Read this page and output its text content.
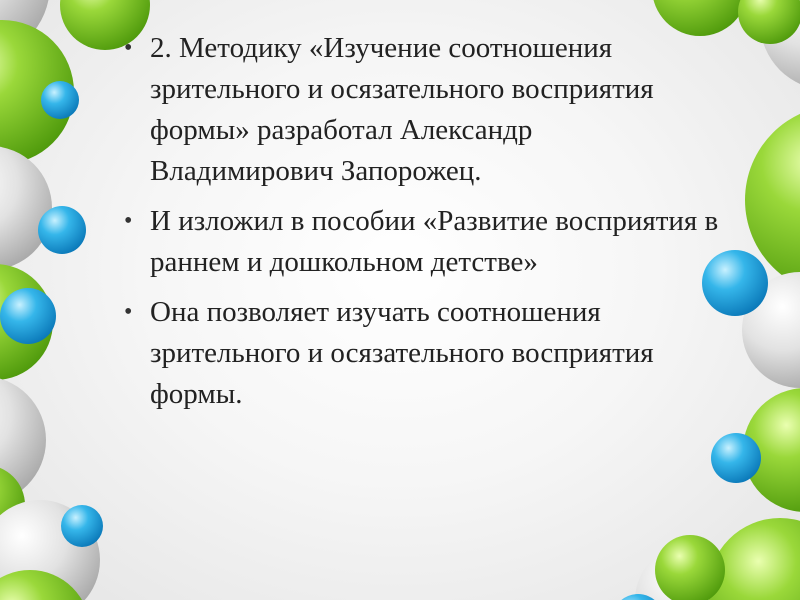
• 2. Методику «Изучение соотношения зрительного и осязательного восприятия формы» разработал Александр Владимирович Запорожец.
• И изложил в пособии «Развитие восприятия в раннем и дошкольном детстве»
• Она позволяет изучать соотношения зрительного и осязательного восприятия формы.
